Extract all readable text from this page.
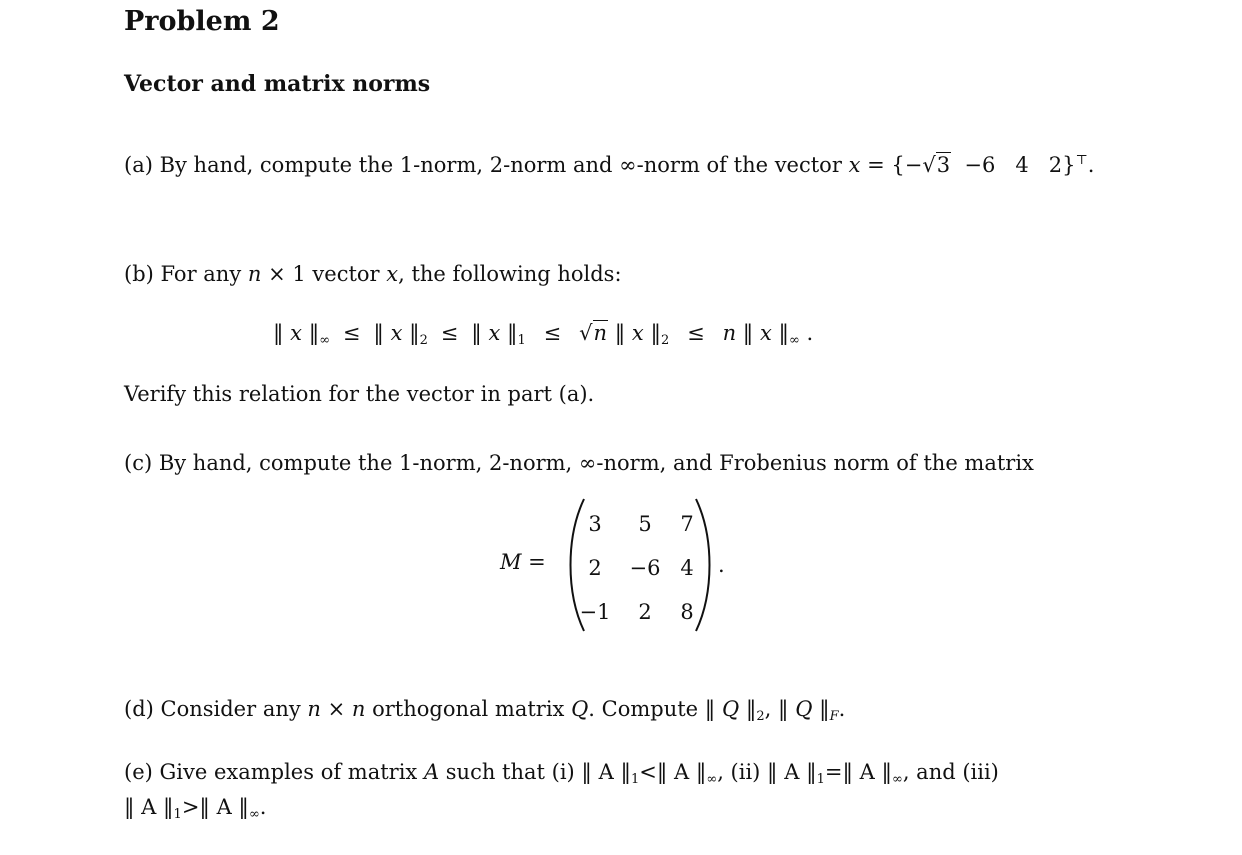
Problem 2
Vector and matrix norms
(a) By hand, compute the 1-norm, 2-norm and ∞-norm of the vector x = {−√3  −6   4   2}⊤.
(b) For any n × 1 vector x, the following holds:
‖ x $‖_\infty$ ≤ ‖ x $‖_2$ ≤ ‖ x $‖_1 \le √n$ ‖ x $‖_2 \le n$ ‖ x $‖_\infty$ .
Verify this relation for the vector in part (a).
(c) By hand, compute the 1-norm, 2-norm, ∞-norm, and Frobenius norm of the matrix
M =
3	5	7
2	−6 4
−1	2	8
.
(d) Consider any n × n orthogonal matrix Q. Compute ‖ Q $‖_2$, ‖ Q $‖_F$.
(e) Give examples of matrix A such that (i) ‖ A $‖_1<‖$ A $‖_\infty$, (ii) ‖ A $‖_1=‖$ A $‖_\infty$, and (iii)
‖ A $‖_1>‖$ A $‖_\infty$.
